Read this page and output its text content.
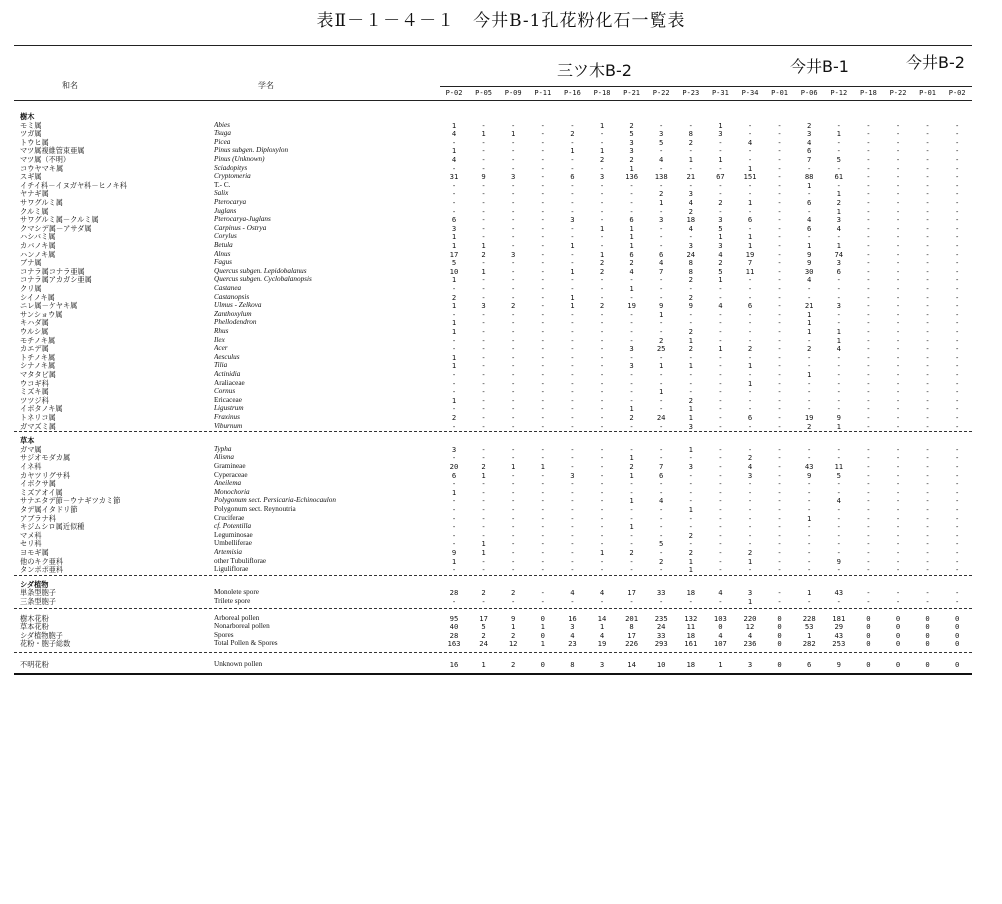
表Ⅱ－１－４－１　今井B-1孔花粉化石一覧表
三ツ木B-2	今井B-1	今井B-2
和名	学名
P-02	P-05	P-09	P-11	P-16	P-18	P-21	P-22	P-23	P-31	P-34	P-01	P-06	P-12	P-18	P-22	P-01	P-02
樹木
モミ属	Abies	1	-	-	-	-	1	2	-	-	1	-	-	2	-	-	-	-	-
ツガ属	Tsuga	4	1	1	-	2	-	5	3	8	3	-	-	3	1	-	-	-	-
トウヒ属	Picea	-	-	-	-	-	-	3	5	2	-	4	-	4	-	-	-	-	-
マツ属複維管束亜属	Pinus subgen. Diploxylon	1	-	-	-	1	1	3	-	-	-	-	-	6	-	-	-	-	-
マツ属（不明）	Pinus (Unknown)	4	-	-	-	-	2	2	4	1	1	-	-	7	5	-	-	-	-
コウヤマキ属	Sciadopitys	-	-	-	-	-	-	1	-	-	-	1	-	-	-	-	-	-	-
スギ属	Cryptomeria	31	9	3	-	6	3	136	138	21	67	151	-	88	61	-	-	-	-
イチイ科－イヌガヤ科－ヒノキ科	T.- C.	-	-	-	-	-	-	-	-	-	-	-	-	1	-	-	-	-	-
ヤナギ属	Salix	-	-	-	-	-	-	-	2	3	-	-	-	-	1	-	-	-	-
サワグルミ属	Pterocarya	-	-	-	-	-	-	-	1	4	2	1	-	6	2	-	-	-	-
クルミ属	Juglans	-	-	-	-	-	-	-	-	2	-	-	-	-	1	-	-	-	-
サワグルミ属－クルミ属	Pterocarya-Juglans	6	-	-	-	3	-	6	3	18	3	6	-	4	3	-	-	-	-
クマシデ属－アサダ属	Carpinus - Ostrya	3	-	-	-	-	1	1	-	4	5	-	-	6	4	-	-	-	-
ハシバミ属	Corylus	1	-	-	-	-	-	1	-	-	1	1	-	-	-	-	-	-	-
カバノキ属	Betula	1	1	-	-	1	-	1	-	3	3	1	-	1	1	-	-	-	-
ハンノキ属	Alnus	17	2	3	-	-	1	6	6	24	4	19	-	9	74	-	-	-	-
ブナ属	Fagus	5	-	-	-	-	2	2	4	8	2	7	-	9	3	-	-	-	-
コナラ属コナラ亜属	Quercus subgen. Lepidobalanus	10	1	-	-	1	2	4	7	8	5	11	-	30	6	-	-	-	-
コナラ属アカガシ亜属	Quercus subgen. Cyclobalanopsis	1	-	-	-	-	-	-	-	2	1	-	-	4	-	-	-	-	-
クリ属	Castanea	-	-	-	-	-	-	1	-	-	-	-	-	-	-	-	-	-	-
シイノキ属	Castanopsis	2	-	-	-	1	-	-	-	2	-	-	-	-	-	-	-	-	-
ニレ属－ケヤキ属	Ulmus - Zelkova	1	3	2	-	1	2	19	9	9	4	6	-	21	3	-	-	-	-
サンショウ属	Zanthoxylum	-	-	-	-	-	-	-	1	-	-	-	-	1	-	-	-	-	-
キハダ属	Phellodendron	1	-	-	-	-	-	-	-	-	-	-	-	1	-	-	-	-	-
ウルシ属	Rhus	1	-	-	-	-	-	-	-	2	-	-	-	1	1	-	-	-	-
モチノキ属	Ilex	-	-	-	-	-	-	-	2	1	-	-	-	-	1	-	-	-	-
カエデ属	Acer	-	-	-	-	-	-	3	25	2	1	2	-	2	4	-	-	-	-
トチノキ属	Aesculus	1	-	-	-	-	-	-	-	-	-	-	-	-	-	-	-	-	-
シナノキ属	Tilia	1	-	-	-	-	-	3	1	1	-	1	-	-	-	-	-	-	-
マタタビ属	Actinidia	-	-	-	-	-	-	-	-	-	-	-	-	1	-	-	-	-	-
ウコギ科	Araliaceae	-	-	-	-	-	-	-	-	-	-	1	-	-	-	-	-	-	-
ミズキ属	Cornus	-	-	-	-	-	-	-	1	-	-	-	-	-	-	-	-	-	-
ツツジ科	Ericaceae	1	-	-	-	-	-	-	-	2	-	-	-	-	-	-	-	-	-
イボタノキ属	Ligustrum	-	-	-	-	-	-	1	-	1	-	-	-	-	-	-	-	-	-
トネリコ属	Fraxinus	2	-	-	-	-	-	2	24	1	-	6	-	19	9	-	-	-	-
ガマズミ属	Viburnum	-	-	-	-	-	-	-	-	3	-	-	-	2	1	-	-	-	-
草本
ガマ属	Typha	3	-	-	-	-	-	-	-	1	-	-	-	-	-	-	-	-	-
サジオモダカ属	Alisma	-	-	-	-	-	-	1	-	-	-	2	-	-	-	-	-	-	-
イネ科	Gramineae	20	2	1	1	-	-	2	7	3	-	4	-	43	11	-	-	-	-
カヤツリグサ科	Cyperaceae	6	1	-	-	3	-	1	6	-	-	3	-	9	5	-	-	-	-
イボクサ属	Aneilema	-	-	-	-	-	-	-	-	-	-	-	-	-	-	-	-	-	-
ミズアオイ属	Monochoria	1	-	-	-	-	-	-	-	-	-	-	-	-	-	-	-	-	-
サナエタデ節－ウナギツカミ節	Polygonum sect. Persicaria-Echinocaulon	-	-	-	-	-	-	1	4	-	-	-	-	-	4	-	-	-	-
タデ属イタドリ節	Polygonum sect. Reynoutria	-	-	-	-	-	-	-	-	1	-	-	-	-	-	-	-	-	-
アブラナ科	Cruciferae	-	-	-	-	-	-	-	-	-	-	-	-	1	-	-	-	-	-
キジムシロ属近似種	cf. Potentilla	-	-	-	-	-	-	1	-	-	-	-	-	-	-	-	-	-	-
マメ科	Leguminosae	-	-	-	-	-	-	-	-	2	-	-	-	-	-	-	-	-	-
セリ科	Umbelliferae	-	1	-	-	-	-	-	5	-	-	-	-	-	-	-	-	-	-
ヨモギ属	Artemisia	9	1	-	-	-	1	2	-	2	-	2	-	-	-	-	-	-	-
他のキク亜科	other Tubuliflorae	1	-	-	-	-	-	-	2	1	-	1	-	-	9	-	-	-	-
タンポポ亜科	Liguliflorae	-	-	-	-	-	-	-	-	1	-	-	-	-	-	-	-	-	-
シダ植物
単条型胞子	Monolete spore	28	2	2	-	4	4	17	33	18	4	3	-	1	43	-	-	-	-
三条型胞子	Trilete spore	-	-	-	-	-	-	-	-	-	-	1	-	-	-	-	-	-	-
樹木花粉	Arboreal pollen	95	17	9	0	16	14	201	235	132	103	220	0	228	181	0	0	0	0
草本花粉	Nonarboreal pollen	40	5	1	1	3	1	8	24	11	0	12	0	53	29	0	0	0	0
シダ植物胞子	Spores	28	2	2	0	4	4	17	33	18	4	4	0	1	43	0	0	0	0
花粉・胞子総数	Total Pollen & Spores	163	24	12	1	23	19	226	293	161	107	236	0	282	253	0	0	0	0
不明花粉	Unknown pollen	16	1	2	0	8	3	14	10	18	1	3	0	6	9	0	0	0	0
